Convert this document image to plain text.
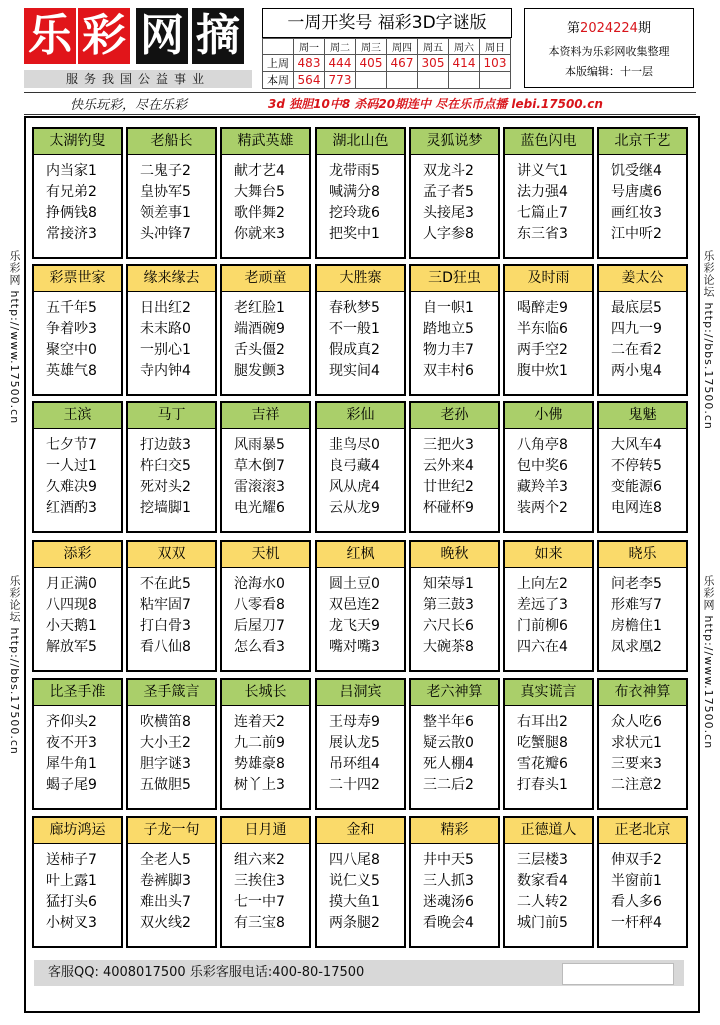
乐 彩 网 摘
服务我国公益事业
一周开奖号 福彩3D字谜版
	周一	周二	周三	周四	周五	周六	周日
上周	483	444	405	467	305	414	103
本周	564	773					
第2024224期
本资料为乐彩网收集整理
本版编辑：十一层
快乐玩彩，尽在乐彩	3d 独胆10中8 杀码20期连中 尽在乐币点播 lebi.17500.cn
乐彩网 http://www.17500.cn
乐彩论坛 http://bbs.17500.cn
乐彩论坛 http://bbs.17500.cn
乐彩网 http://www.17500.cn
太湖钓叟
内当家1
有兄弟2
挣俩钱8
常接济3
老船长
二鬼子2
皇协军5
领差事1
头冲锋7
精武英雄
献才艺4
大舞台5
歌伴舞2
你就来3
湖北山色
龙带雨5
喊满分8
挖玲珑6
把奖中1
灵狐说梦
双龙斗2
孟子者5
头接尾3
人字参8
蓝色闪电
讲义气1
法力强4
七篇止7
东三省3
北京千艺
饥受继4
号唐虞6
画红妆3
江中听2
彩票世家
五千年5
争着吵3
聚空中0
英雄气8
缘来缘去
日出红2
未末路0
一别心1
寺内钟4
老顽童
老红脸1
端酒碗9
舌头僵2
腿发颤3
大胜寨
春秋梦5
不一般1
假成真2
现实间4
三D狂虫
自一帜1
踏地立5
物力丰7
双丰村6
及时雨
喝醉走9
半东临6
两手空2
腹中炊1
姜太公
最底层5
四九一9
二在看2
两小鬼4
王滨
七夕节7
一人过1
久难决9
红酒酌3
马丁
打边鼓3
杵臼交5
死对头2
挖墙脚1
吉祥
风雨暴5
草木倒7
雷滚滚3
电光耀6
彩仙
韭鸟尽0
良弓藏4
风从虎4
云从龙9
老孙
三把火3
云外来4
廿世纪2
杯碰杯9
小佛
八角亭8
包中奖6
藏羚羊3
装两个2
鬼魅
大风车4
不停转5
变能源6
电网连8
添彩
月正满0
八四现8
小天鹅1
解放军5
双双
不在此5
粘牢固7
打白骨3
看八仙8
天机
沧海水0
八零看8
后屋刀7
怎么看3
红枫
圆土豆0
双邑连2
龙飞天9
嘴对嘴3
晚秋
知荣辱1
第三鼓3
六尺长6
大碗茶8
如来
上向左2
差远了3
门前柳6
四六在4
晓乐
问老李5
形难写7
房檐住1
凤求凰2
比圣手准
齐仰头2
夜不开3
犀牛角1
蝎子尾9
圣手箴言
吹横笛8
大小王2
胆字谜3
五做胆5
长城长
连着天2
九二前9
势雄豪8
树丫上3
吕洞宾
王母寿9
展认龙5
吊环组4
二十四2
老六神算
整半年6
疑云散0
死人棚4
三二后2
真实谎言
右耳出2
吃蟹腿8
雪花瓣6
打春头1
布衣神算
众人吃6
求状元1
三要来3
二注意2
廊坊鸿运
送柿子7
叶上露1
猛打头6
小树叉3
子龙一句
全老人5
卷裤脚3
难出头7
双火线2
日月通
组六来2
三挨住3
七一中7
有三宝8
金和
四八尾8
说仁义5
摸大鱼1
两条腿2
精彩
井中天5
三人抓3
迷魂汤6
看晚会4
正德道人
三层楼3
数家看4
二人转2
城门前5
正老北京
伸双手2
半窗前1
看人多6
一杆秤4
客服QQ: 4008017500 乐彩客服电话:400-80-17500
